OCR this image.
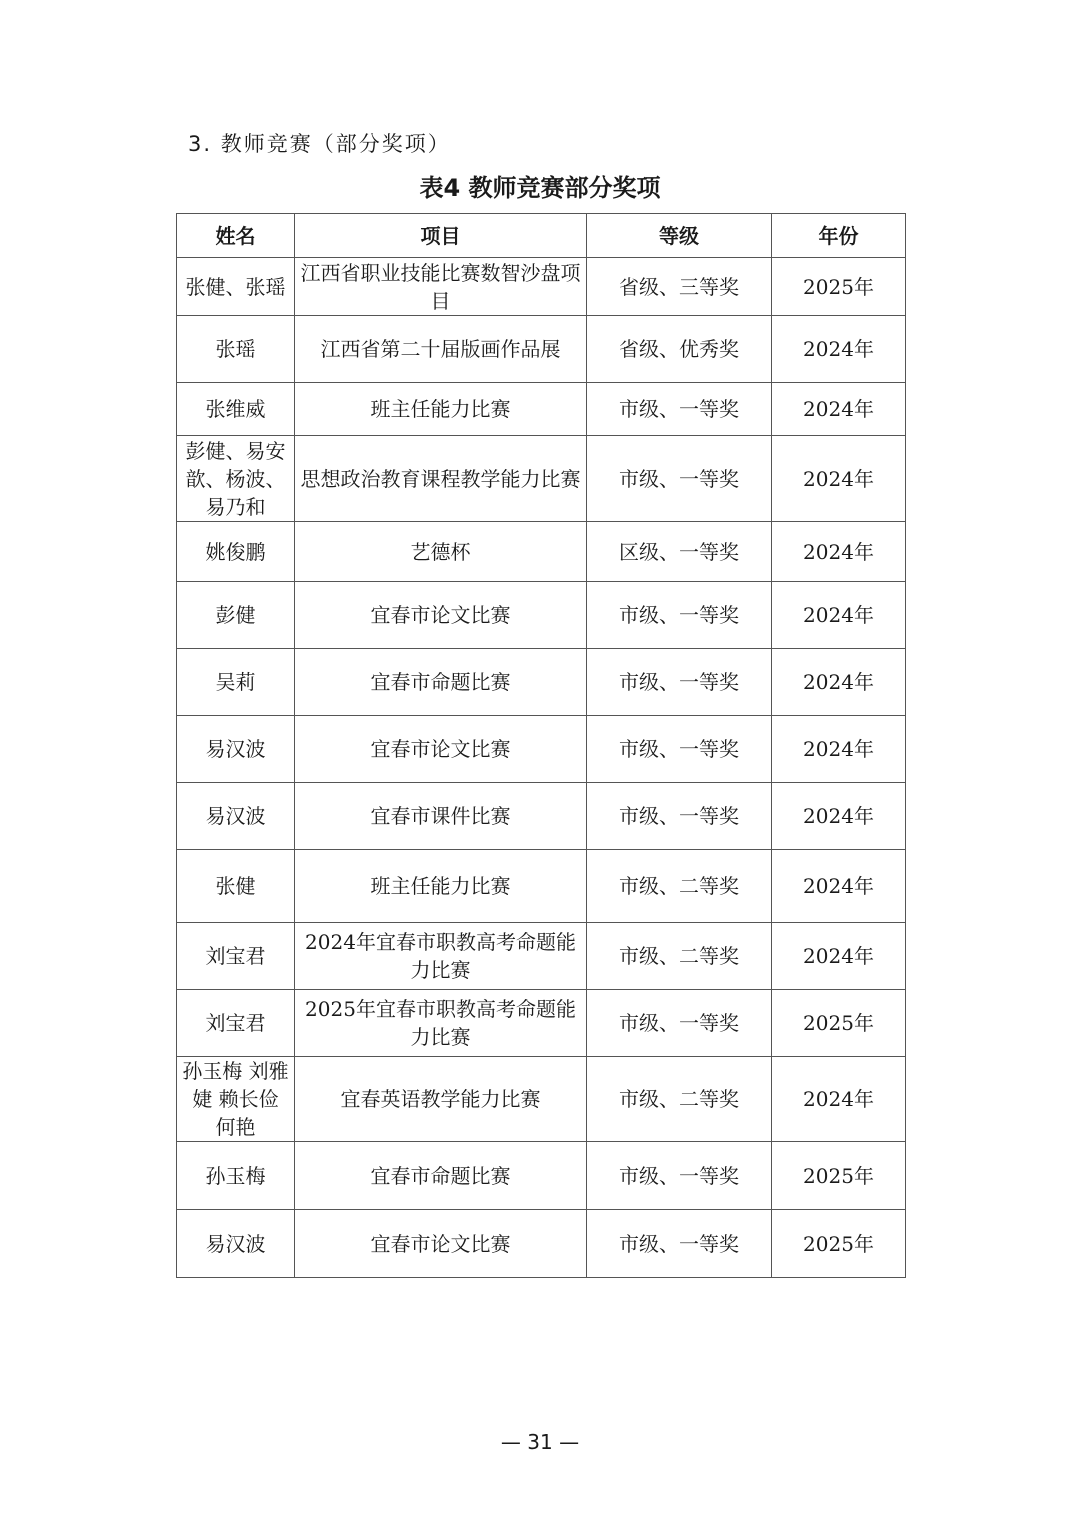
3. 教师竞赛（部分奖项）
表4 教师竞赛部分奖项
姓名	项目	等级	年份
张健、张瑶	江西省职业技能比赛数智沙盘项目	省级、三等奖	2025年
张瑶	江西省第二十届版画作品展	省级、优秀奖	2024年
张维威	班主任能力比赛	市级、一等奖	2024年
彭健、易安歆、杨波、易乃和	思想政治教育课程教学能力比赛	市级、一等奖	2024年
姚俊鹏	艺德杯	区级、一等奖	2024年
彭健	宜春市论文比赛	市级、一等奖	2024年
吴莉	宜春市命题比赛	市级、一等奖	2024年
易汉波	宜春市论文比赛	市级、一等奖	2024年
易汉波	宜春市课件比赛	市级、一等奖	2024年
张健	班主任能力比赛	市级、二等奖	2024年
刘宝君	2024年宜春市职教高考命题能力比赛	市级、二等奖	2024年
刘宝君	2025年宜春市职教高考命题能力比赛	市级、一等奖	2025年
孙玉梅 刘雅婕 赖长俭 何艳	宜春英语教学能力比赛	市级、二等奖	2024年
孙玉梅	宜春市命题比赛	市级、一等奖	2025年
易汉波	宜春市论文比赛	市级、一等奖	2025年
— 31 —
